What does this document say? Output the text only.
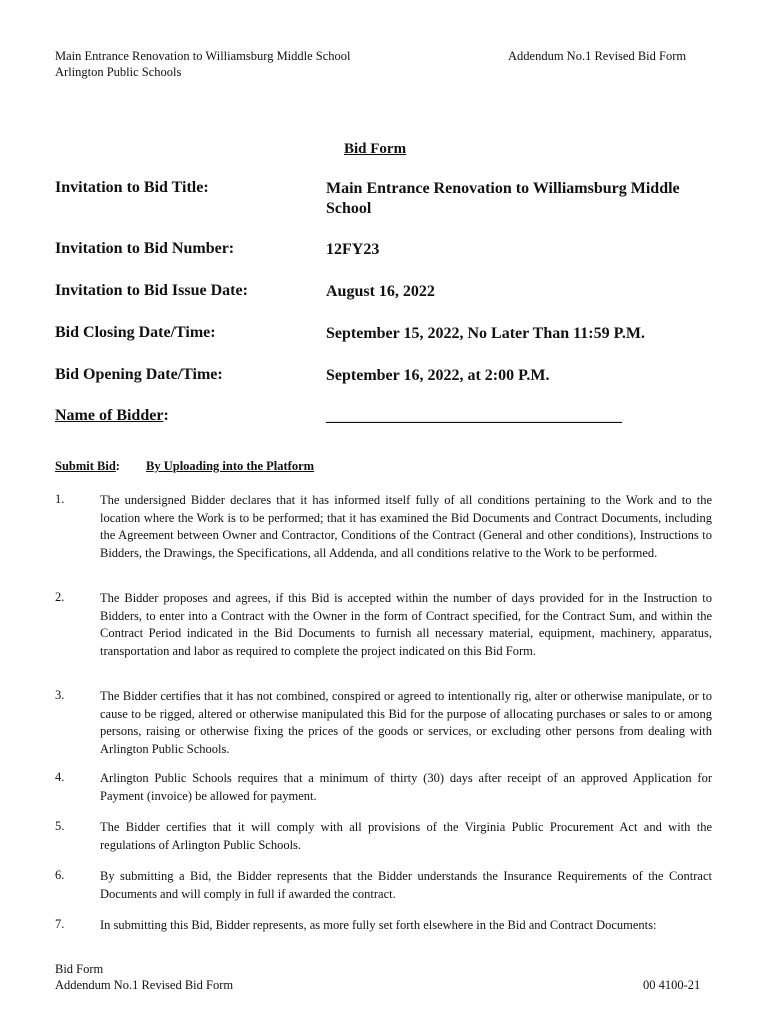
Main Entrance Renovation to Williamsburg Middle School
Arlington Public Schools
Addendum No.1 Revised Bid Form
Bid Form
Invitation to Bid Title:	Main Entrance Renovation to Williamsburg Middle School
Invitation to Bid Number:	12FY23
Invitation to Bid Issue Date:	August 16, 2022
Bid Closing Date/Time:	September 15, 2022, No Later Than 11:59 P.M.
Bid Opening Date/Time:	September 16, 2022, at 2:00 P.M.
Name of Bidder:	_____________________________________
Submit Bid: By Uploading into the Platform
1.	The undersigned Bidder declares that it has informed itself fully of all conditions pertaining to the Work and to the location where the Work is to be performed; that it has examined the Bid Documents and Contract Documents, including the Agreement between Owner and Contractor, Conditions of the Contract (General and other conditions), Instructions to Bidders, the Drawings, the Specifications, all Addenda, and all conditions relative to the Work to be performed.
2.	The Bidder proposes and agrees, if this Bid is accepted within the number of days provided for in the Instruction to Bidders, to enter into a Contract with the Owner in the form of Contract specified, for the Contract Sum, and within the Contract Period indicated in the Bid Documents to furnish all necessary material, equipment, machinery, apparatus, transportation and labor as required to complete the project indicated on this Bid Form.
3.	The Bidder certifies that it has not combined, conspired or agreed to intentionally rig, alter or otherwise manipulate, or to cause to be rigged, altered or otherwise manipulated this Bid for the purpose of allocating purchases or sales to or among persons, raising or otherwise fixing the prices of the goods or services, or excluding other persons from dealing with Arlington Public Schools.
4.	Arlington Public Schools requires that a minimum of thirty (30) days after receipt of an approved Application for Payment (invoice) be allowed for payment.
5.	The Bidder certifies that it will comply with all provisions of the Virginia Public Procurement Act and with the regulations of Arlington Public Schools.
6.	By submitting a Bid, the Bidder represents that the Bidder understands the Insurance Requirements of the Contract Documents and will comply in full if awarded the contract.
7.	In submitting this Bid, Bidder represents, as more fully set forth elsewhere in the Bid and Contract Documents:
Bid Form
Addendum No.1 Revised Bid Form	00 4100-21
